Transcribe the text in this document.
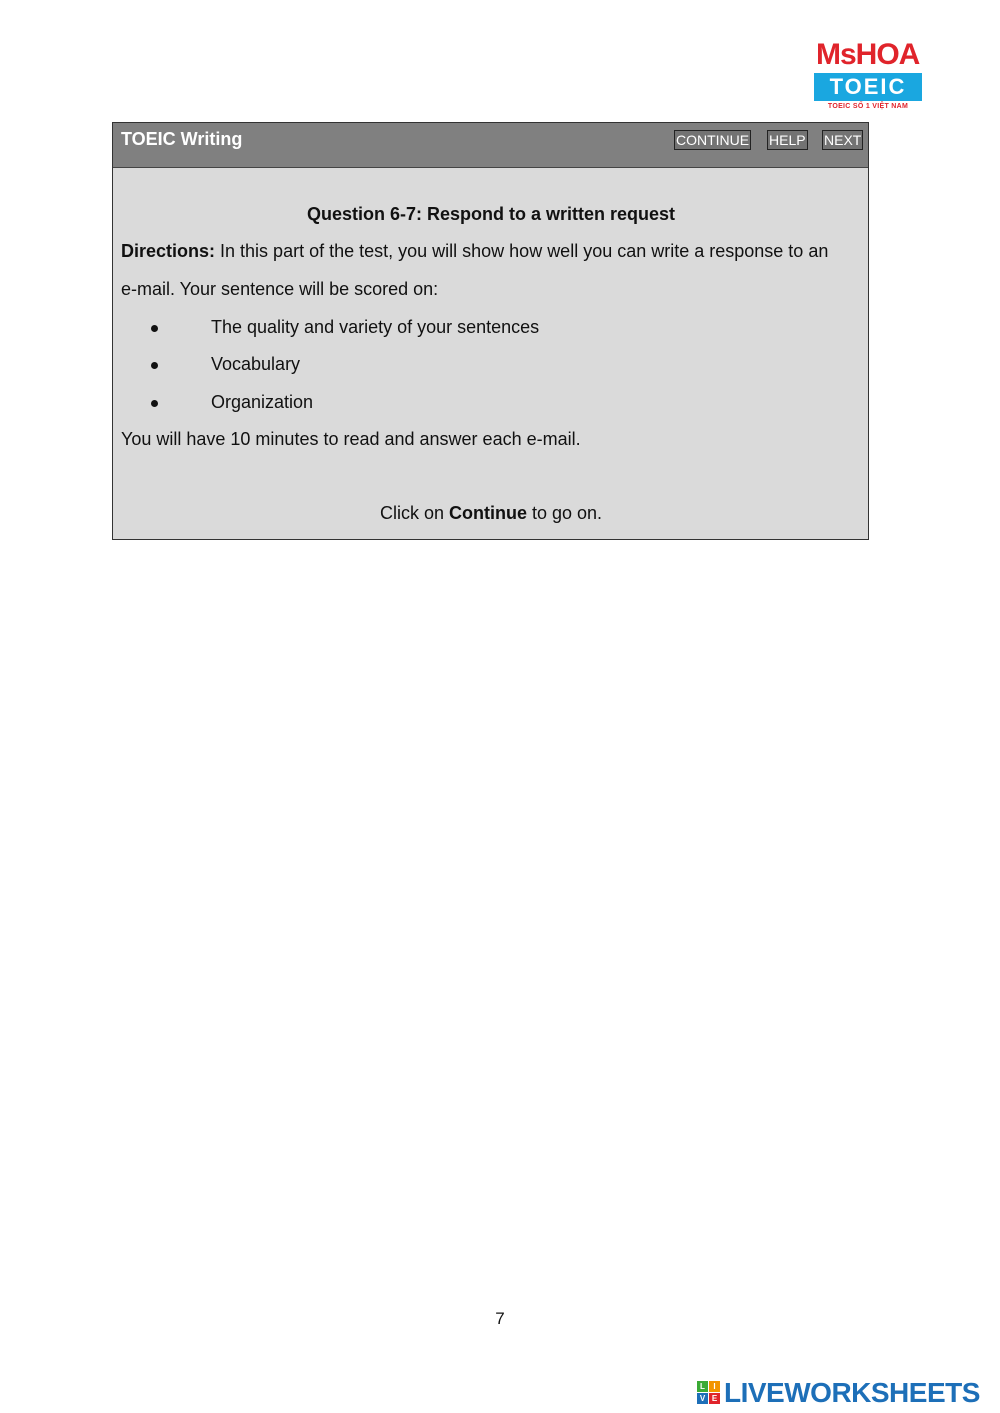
MsHOA
TOEIC
TOEIC SỐ 1 VIỆT NAM
TOEIC Writing	CONTINUE HELP NEXT
Question 6-7: Respond to a written request
Directions: In this part of the test, you will show how well you can write a response to an
e-mail. Your sentence will be scored on:
The quality and variety of your sentences
Vocabulary
Organization
You will have 10 minutes to read and answer each e-mail.
Click on Continue to go on.
7
L	I
V E LIVEWORKSHEETS
